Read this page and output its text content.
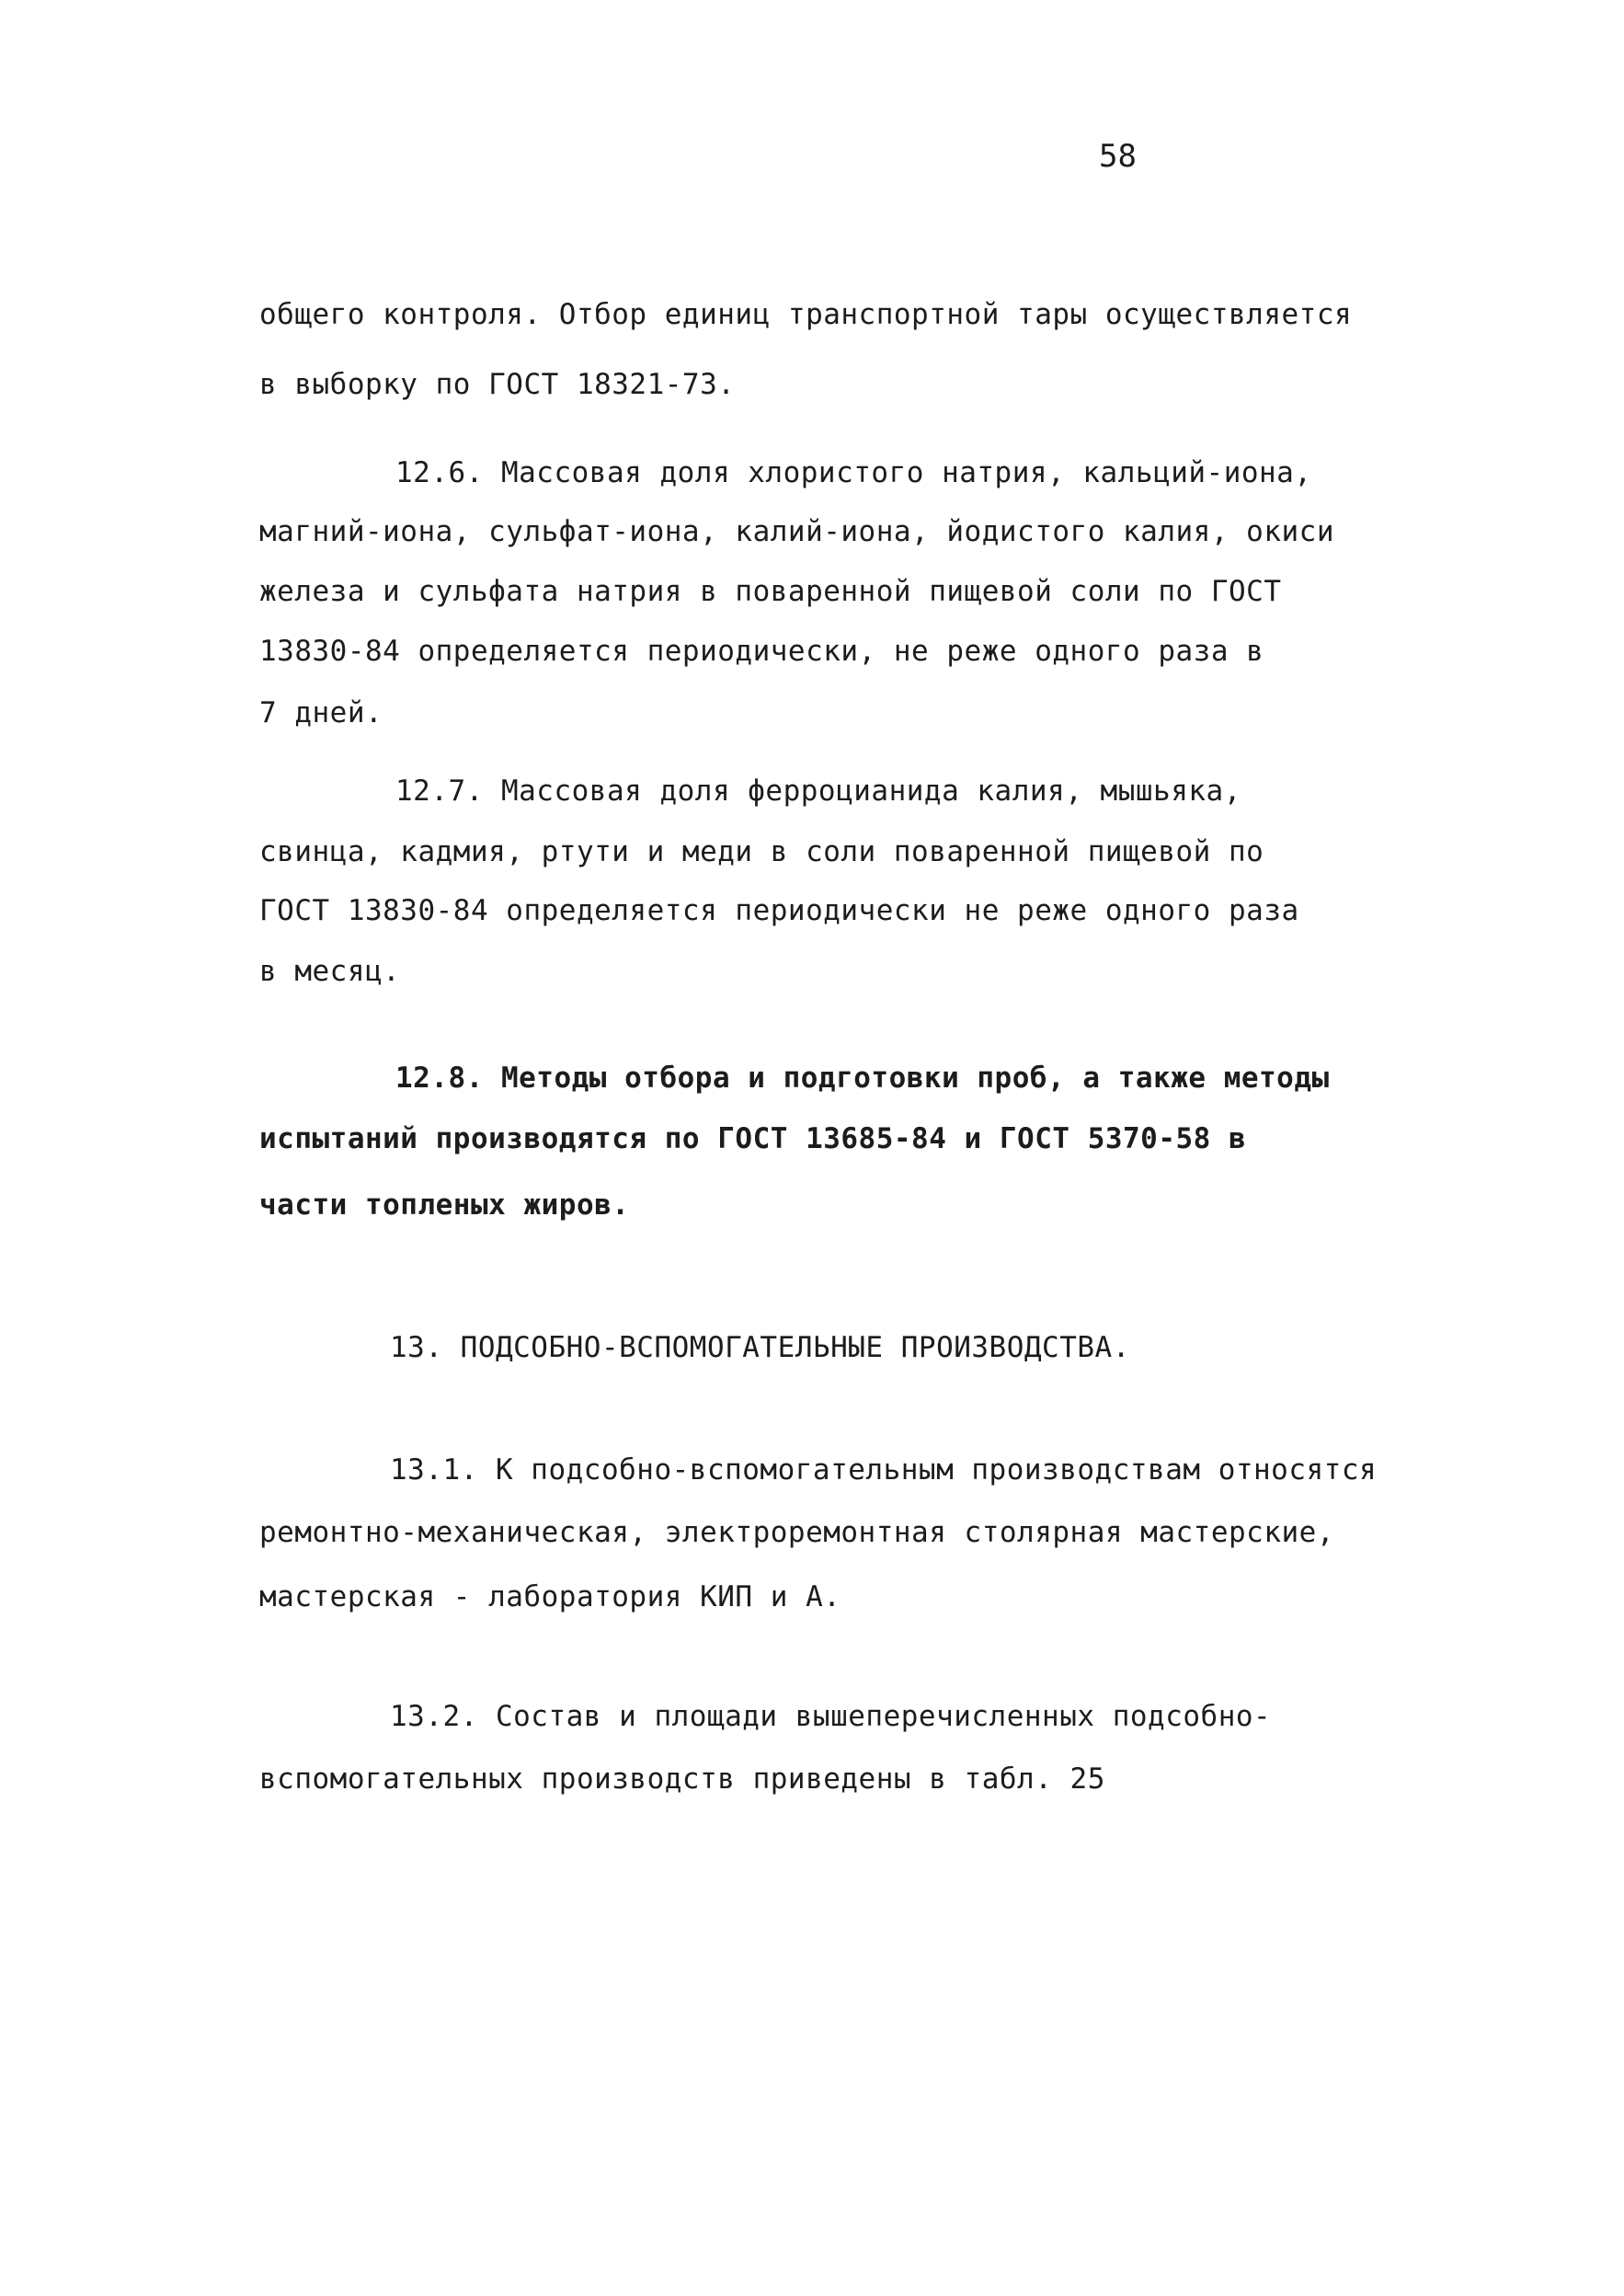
58
общего контроля. Отбор единиц транспортной тары осуществляется
в выборку по ГОСТ 18321-73.
12.6. Массовая доля хлористого натрия, кальций-иона,
магний-иона, сульфат-иона, калий-иона, йодистого калия, окиси
железа и сульфата натрия в поваренной пищевой соли по ГОСТ
13830-84 определяется периодически, не реже одного раза в
7 дней.
12.7. Массовая доля ферроцианида калия, мышьяка,
свинца, кадмия, ртути и меди в соли поваренной пищевой по
ГОСТ 13830-84 определяется периодически не реже одного раза
в месяц.
12.8. Методы отбора и подготовки проб, а также методы
испытаний производятся по ГОСТ 13685-84 и ГОСТ 5370-58 в
части топленых жиров.
13. ПОДСОБНО-ВСПОМОГАТЕЛЬНЫЕ ПРОИЗВОДСТВА.
13.1. К подсобно-вспомогательным производствам относятся
ремонтно-механическая, электроремонтная столярная мастерские,
мастерская - лаборатория КИП и А.
13.2. Состав и площади вышеперечисленных подсобно-
вспомогательных производств приведены в табл. 25
